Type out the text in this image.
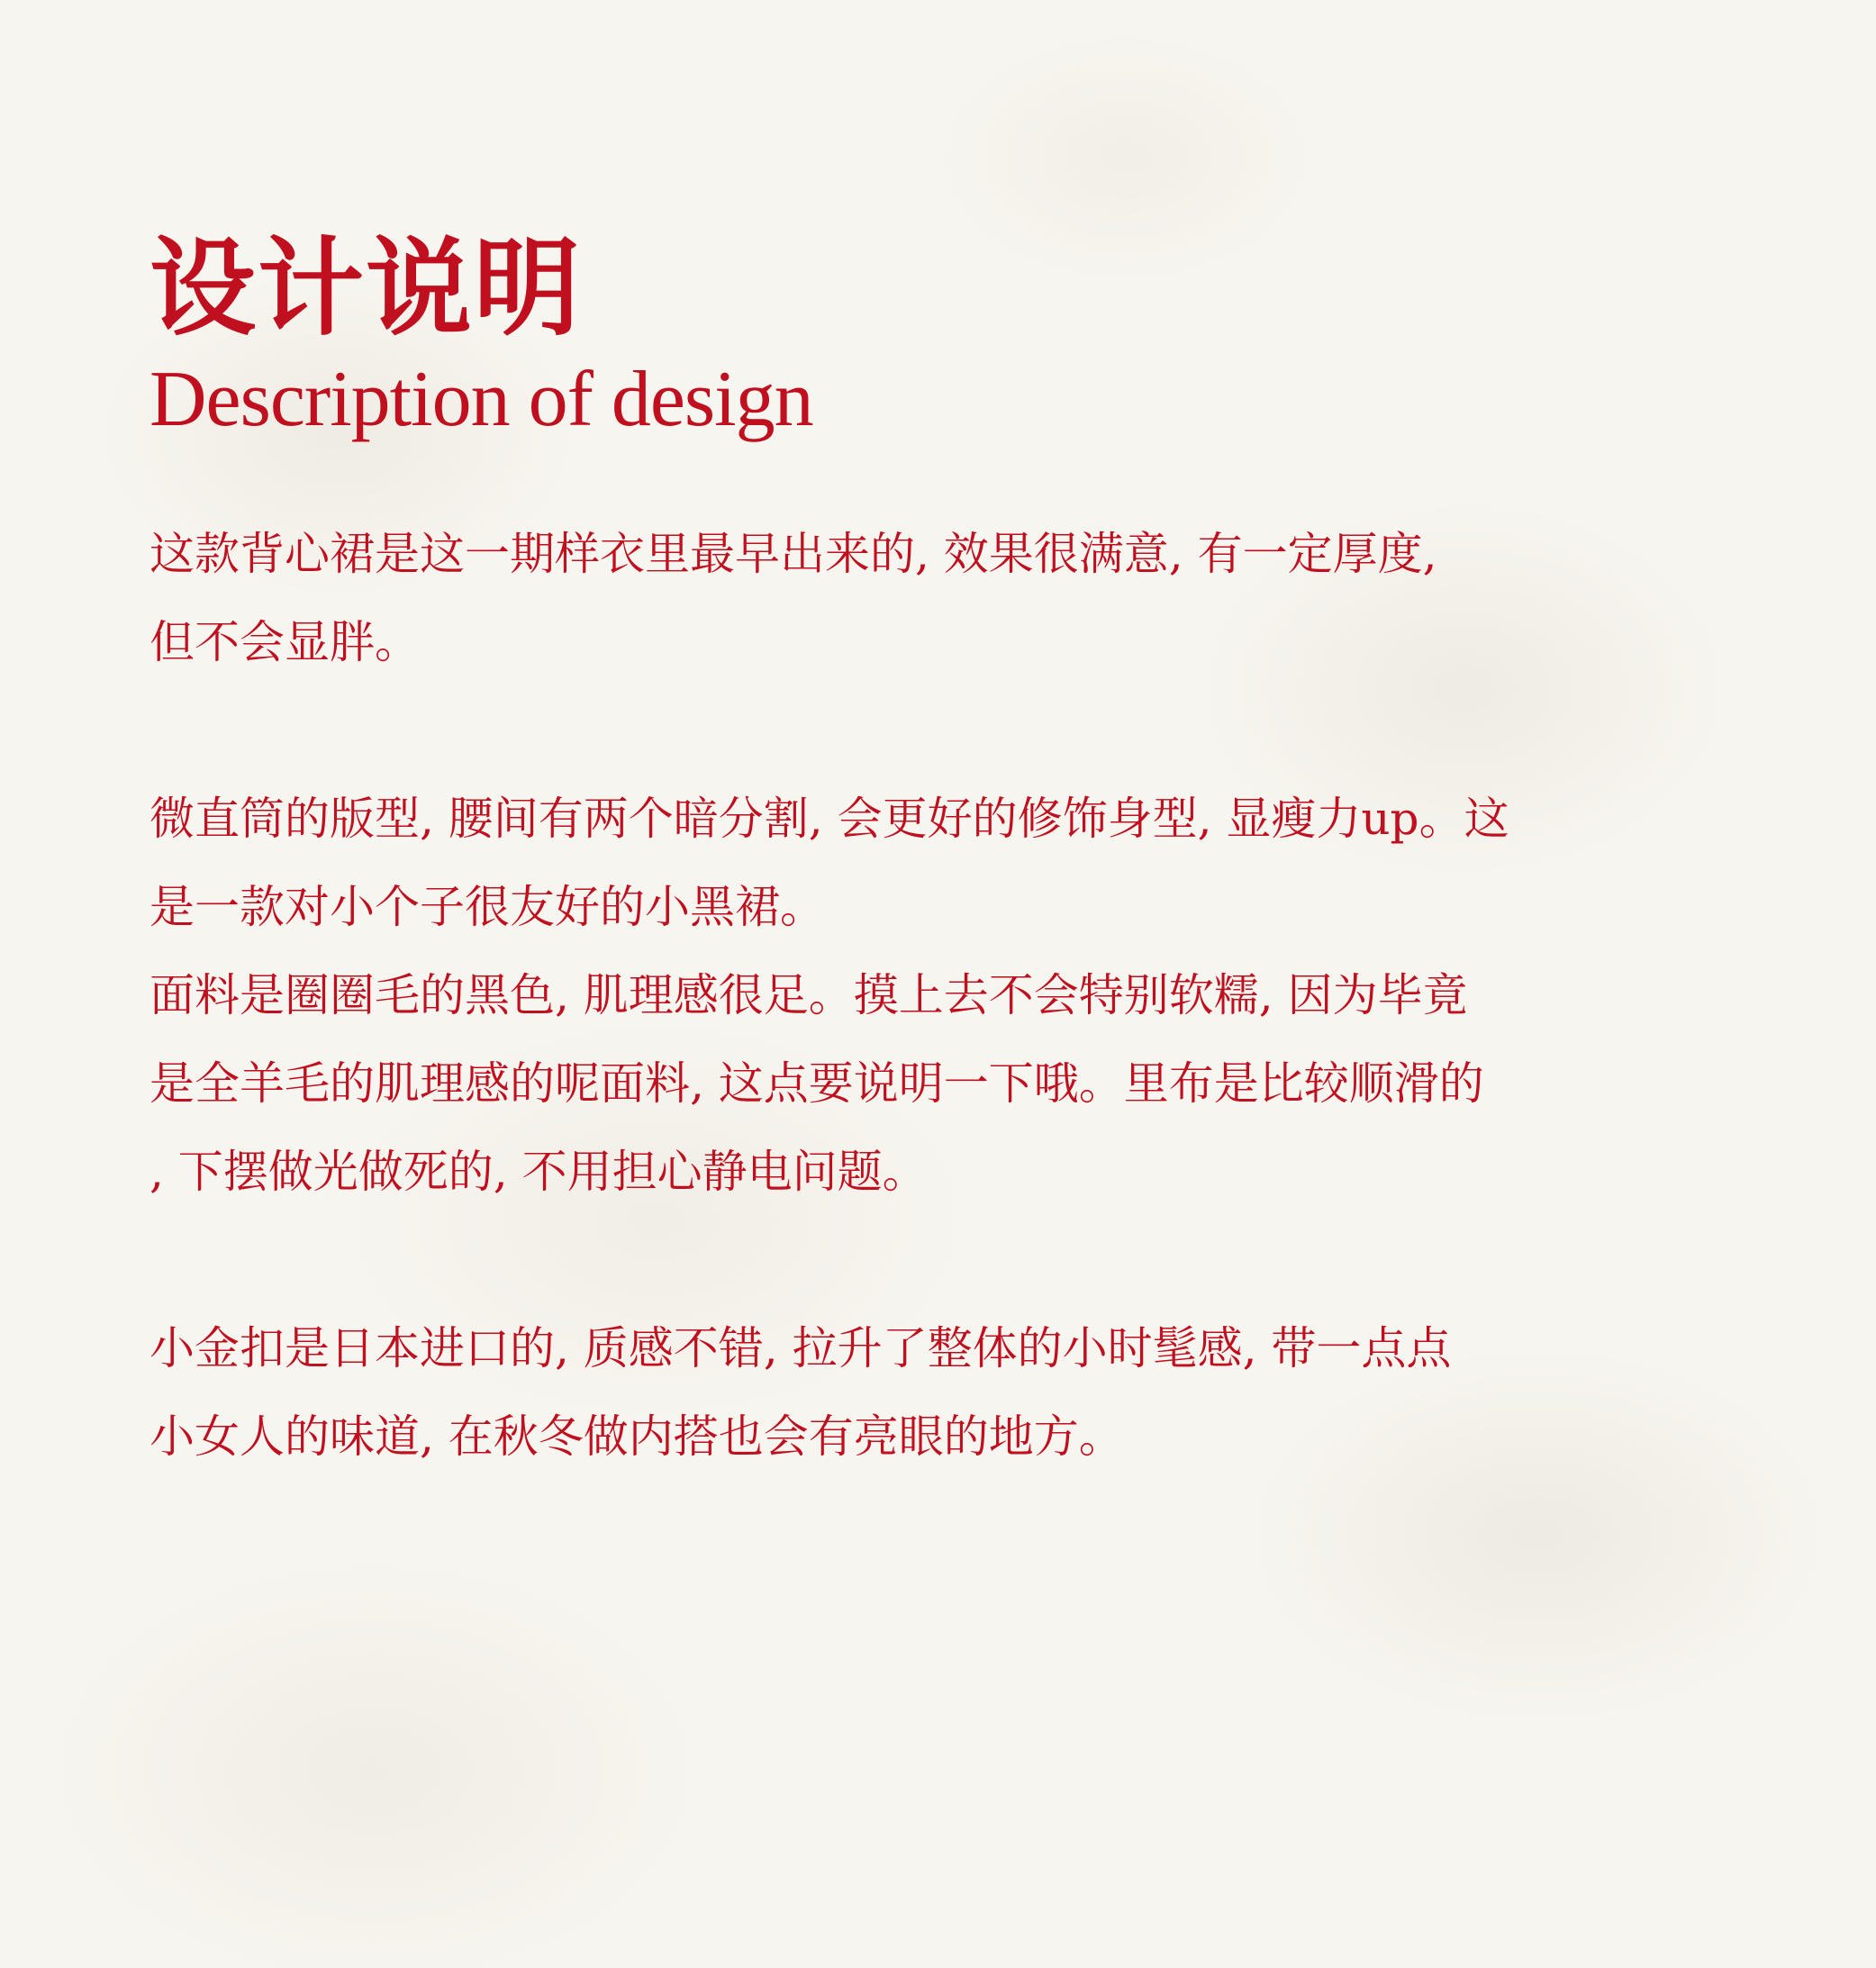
设计说明
Description of design
这款背心裙是这一期样衣里最早出来的, 效果很满意, 有一定厚度,
但不会显胖。
微直筒的版型, 腰间有两个暗分割, 会更好的修饰身型, 显瘦力up。这
是一款对小个子很友好的小黑裙。
面料是圈圈毛的黑色, 肌理感很足。摸上去不会特别软糯, 因为毕竟
是全羊毛的肌理感的呢面料, 这点要说明一下哦。里布是比较顺滑的
, 下摆做光做死的, 不用担心静电问题。
小金扣是日本进口的, 质感不错, 拉升了整体的小时髦感, 带一点点
小女人的味道, 在秋冬做内搭也会有亮眼的地方。
